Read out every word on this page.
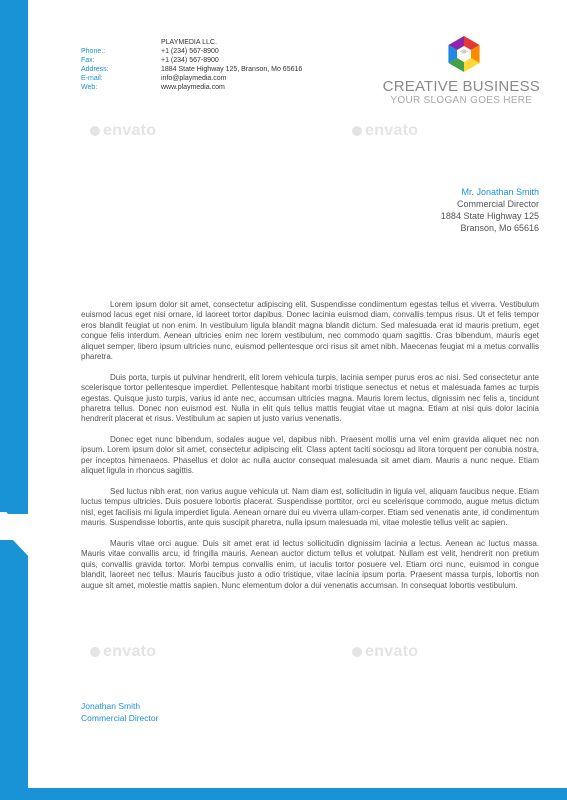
PLAYMEDIA LLC.
Phone.:	+1 (234) 567-8900
Fax:	+1 (234) 567-8900
Address:	1884 State Highway 125, Branson, Mo 65616
E-mail:	info@playmedia.com
Web:	www.playmedia.com	CREATIVE BUSINESS
YOUR SLOGAN GOES HERE
envato	envato
envato	envato
Mr. Jonathan Smith
Commercial Director
1884 State Highway 125
Branson, Mo 65616

Lorem ipsum dolor sit amet, consectetur adipiscing elit. Suspendisse condimentum egestas tellus et viverra. Vestibulum euismod lacus eget nisi ornare, id laoreet tortor dapibus. Donec lacinia euismod diam, convallis tempus risus. Ut et felis tempor eros blandit feugiat ut non enim. In vestibulum ligula blandit magna blandit dictum. Sed malesuada erat id mauris pretium, eget congue felis interdum. Aenean ultricies enim nec lorem vestibulum, nec commodo quam sagittis. Cras bibendum, mauris eget aliquet semper, libero ipsum ultricies nunc, euismod pellentesque orci risus sit amet nibh. Maecenas feugiat mi a metus convallis pharetra.

Duis porta, turpis ut pulvinar hendrerit, elit lorem vehicula turpis, lacinia semper purus eros ac nisi. Sed consectetur ante scelerisque tortor pellentesque imperdiet. Pellentesque habitant morbi tristique senectus et netus et malesuada fames ac turpis egestas. Quisque justo turpis, varius id ante nec, accumsan ultricies magna. Mauris lorem lectus, dignissim nec felis a, tincidunt pharetra tellus. Donec non euismod est. Nulla in elit quis tellus mattis feugiat vitae ut magna. Etiam at nisi quis dolor lacinia hendrerit placerat et risus. Vestibulum ac sapien ut justo varius venenatis.

Donec eget nunc bibendum, sodales augue vel, dapibus nibh. Praesent mollis urna vel enim gravida aliquet nec non ipsum. Lorem ipsum dolor sit amet, consectetur adipiscing elit. Class aptent taciti sociosqu ad litora torquent per conubia nostra, per inceptos himenaeos. Phasellus et dolor ac nulla auctor consequat malesuada sit amet diam. Mauris a nunc neque. Etiam aliquet ligula in rhoncus sagittis.

Sed luctus nibh erat, non varius augue vehicula ut. Nam diam est, sollicitudin in ligula vel, aliquam faucibus neque. Etiam luctus tempus ultricies. Duis posuere lobortis placerat. Suspendisse porttitor, orci eu scelerisque commodo, augue metus dictum nisl, eget facilisis mi ligula imperdiet ligula. Aenean ornare dui eu viverra ullam-corper. Etiam sed venenatis ante, id condimentum mauris. Suspendisse lobortis, ante quis suscipit pharetra, nulla ipsum malesuada mi, vitae molestie tellus velit ac sapien.

Mauris vitae orci augue. Duis sit amet erat id lectus sollicitudin dignissim lacinia a lectus. Aenean ac luctus massa. Mauris vitae convallis arcu, id fringilla mauris. Aenean auctor dictum tellus et volutpat. Nullam est velit, hendrerit non pretium quis, convallis gravida tortor. Morbi tempus convallis enim, ut iaculis tortor posuere vel. Etiam orci nunc, euismod in congue blandit, laoreet nec tellus. Mauris faucibus justo a odio tristique, vitae lacinia ipsum porta. Praesent massa turpis, lobortis non augue sit amet, molestie mattis sapien. Nunc elementum dolor a dui venenatis accumsan. In consequat lobortis vestibulum.

Jonathan Smith
Commercial Director
